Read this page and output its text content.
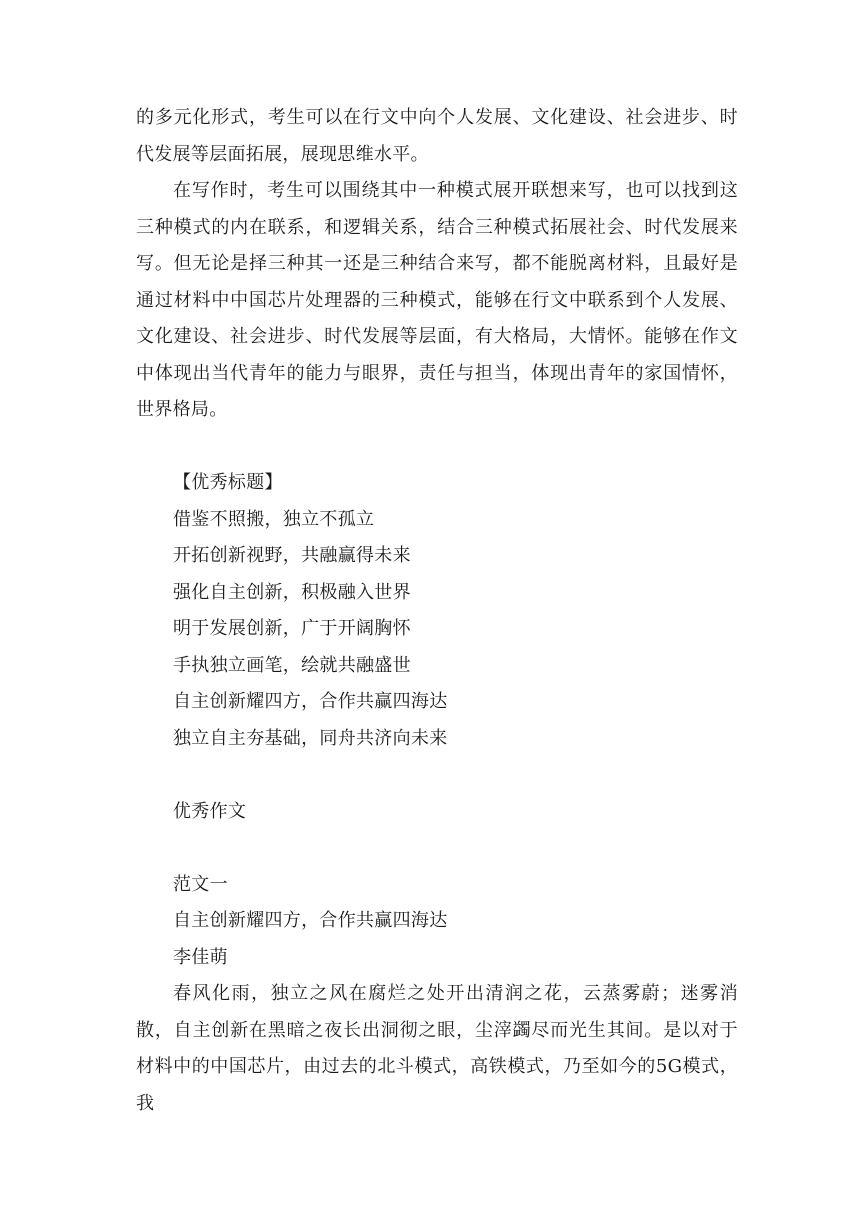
的多元化形式，考生可以在行文中向个人发展、文化建设、社会进步、时代发展等层面拓展，展现思维水平。

在写作时，考生可以围绕其中一种模式展开联想来写，也可以找到这三种模式的内在联系，和逻辑关系，结合三种模式拓展社会、时代发展来写。但无论是择三种其一还是三种结合来写，都不能脱离材料，且最好是通过材料中中国芯片处理器的三种模式，能够在行文中联系到个人发展、文化建设、社会进步、时代发展等层面，有大格局，大情怀。能够在作文中体现出当代青年的能力与眼界，责任与担当，体现出青年的家国情怀，世界格局。

【优秀标题】

借鉴不照搬，独立不孤立

开拓创新视野，共融赢得未来

强化自主创新，积极融入世界

明于发展创新，广于开阔胸怀

手执独立画笔，绘就共融盛世

自主创新耀四方，合作共赢四海达

独立自主夯基础，同舟共济向未来

优秀作文

范文一

自主创新耀四方，合作共赢四海达

李佳萌

春风化雨，独立之风在腐烂之处开出清润之花，云蒸雾蔚；迷雾消散，自主创新在黑暗之夜长出洞彻之眼，尘滓蠲尽而光生其间。是以对于材料中的中国芯片，由过去的北斗模式，高铁模式，乃至如今的5G模式，我
